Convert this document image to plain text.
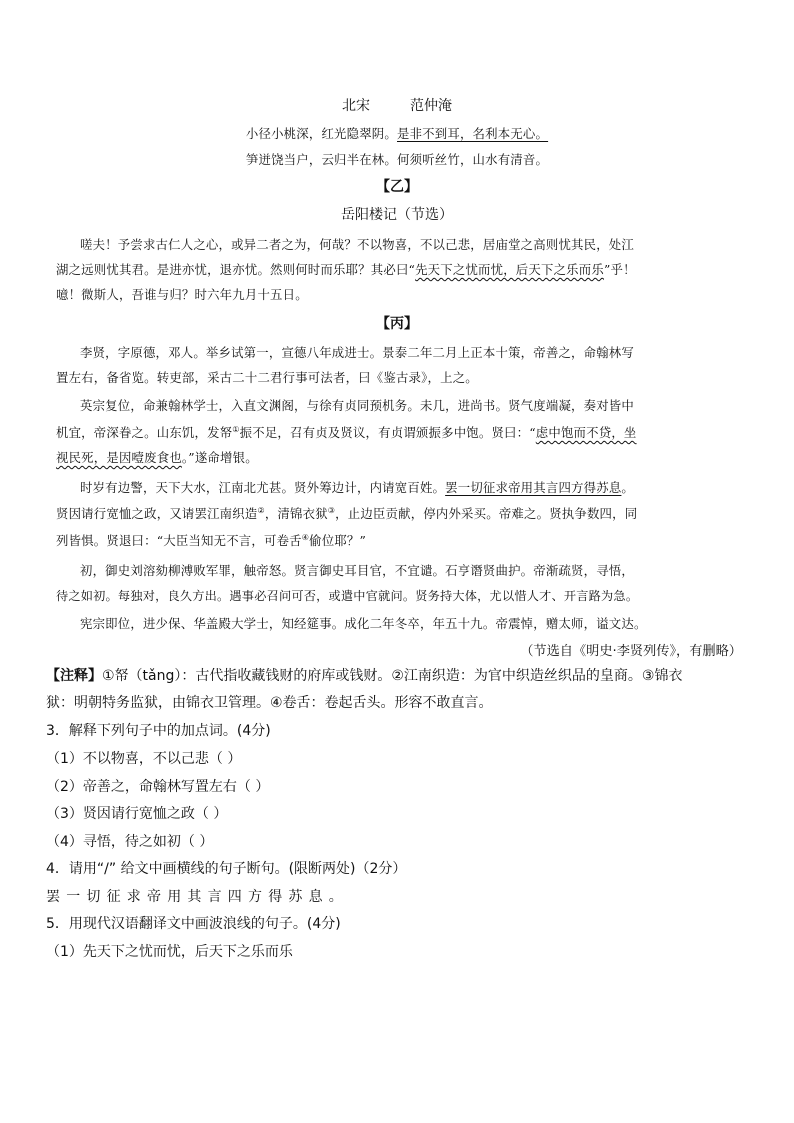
北宋	范仲淹
小径小桃深，红光隐翠阴。是非不到耳，名利本无心。
笋迸饶当户，云归半在林。何须听丝竹，山水有清音。
【乙】
岳阳楼记（节选）
嗟夫！予尝求古仁人之心，或异二者之为，何哉？不以物喜，不以己悲，居庙堂之高则忧其民，处江
湖之远则忧其君。是进亦忧，退亦忧。然则何时而乐耶？其必曰“先天下之忧而忧，后天下之乐而乐”乎！
噫！微斯人，吾谁与归？时六年九月十五日。
【丙】
李贤，字原德，邓人。举乡试第一，宣德八年成进士。景泰二年二月上正本十策，帝善之，命翰林写
置左右，备省览。转吏部，采古二十二君行事可法者，曰《鉴古录》，上之。
英宗复位，命兼翰林学士，入直文渊阁，与徐有贞同预机务。未几，进尚书。贤气度端凝，奏对皆中
机宜，帝深眷之。山东饥，发帑①振不足，召有贞及贤议，有贞谓颁振多中饱。贤曰：“虑中饱而不贷，坐
视民死，是因噎废食也。”遂命增银。
时岁有边警，天下大水，江南北尤甚。贤外筹边计，内请宽百姓。罢一切征求帝用其言四方得苏息。
贤因请行宽恤之政，又请罢江南织造②，清锦衣狱③，止边臣贡献，停内外采买。帝难之。贤执争数四，同
列皆惧。贤退曰：“大臣当知无不言，可卷舌④偷位耶？”
初，御史刘溶劾柳溥败军罪，触帝怒。贤言御史耳目官，不宜谴。石亨谮贤曲护。帝渐疏贤，寻悟，
待之如初。每独对，良久方出。遇事必召问可否，或遣中官就问。贤务持大体，尤以惜人才、开言路为急。
宪宗即位，进少保、华盖殿大学士，知经筵事。成化二年冬卒，年五十九。帝震悼，赠太师，谥文达。
（节选自《明史·李贤列传》，有删略）
【注释】①帑（tǎng）：古代指收藏钱财的府库或钱财。②江南织造：为官中织造丝织品的皇商。③锦衣
狱：明朝特务监狱，由锦衣卫管理。④卷舌：卷起舌头。形容不敢直言。
3．解释下列句子中的加点词。(4分)
（1）不以物喜，不以己悲（ ）
（2）帝善之，命翰林写置左右（ ）
（3）贤因请行宽恤之政（ ）
（4）寻悟，待之如初（ ）
4．请用“/” 给文中画横线的句子断句。(限断两处)（2分）
罢一切征求帝用其言四方得苏息。
5．用现代汉语翻译文中画波浪线的句子。(4分)
（1）先天下之忧而忧，后天下之乐而乐
